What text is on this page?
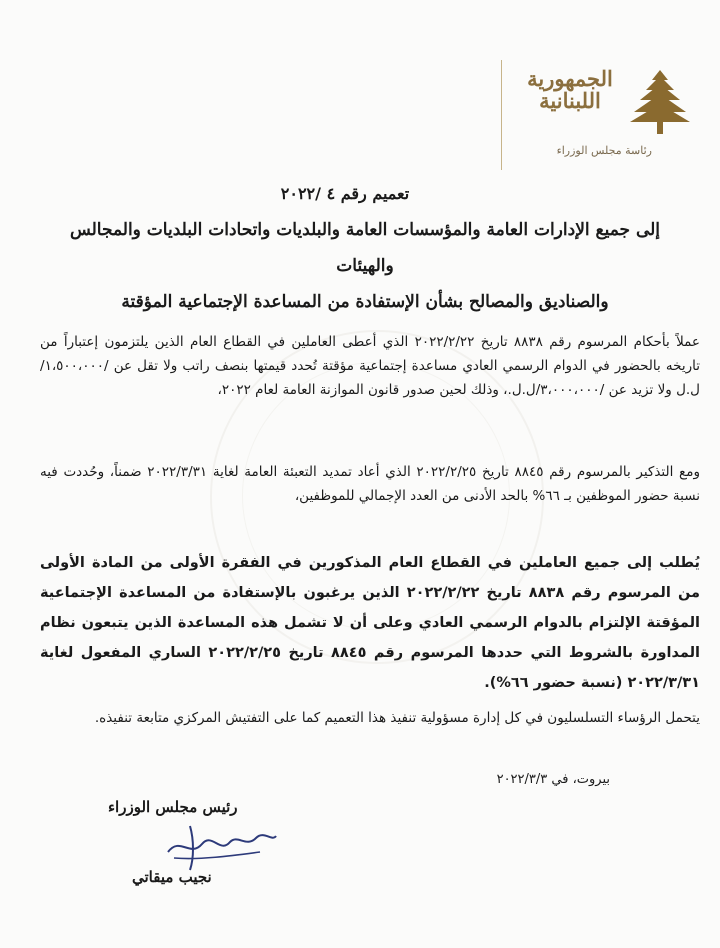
الجمهورية اللبنانية
رئاسة مجلس الوزراء
تعميم رقم ٤ /٢٠٢٢
إلى جميع الإدارات العامة والمؤسسات العامة والبلديات واتحادات البلديات والمجالس والهيئات
والصناديق والمصالح بشأن الإستفادة من المساعدة الإجتماعية المؤقتة
عملاً بأحكام المرسوم رقم ٨٨٣٨ تاريخ ٢٠٢٢/٢/٢٢ الذي أعطى العاملين في القطاع العام الذين يلتزمون إعتباراً من تاريخه بالحضور في الدوام الرسمي العادي مساعدة إجتماعية مؤقتة تُحدد قيمتها بنصف راتب ولا تقل عن /١،٥٠٠،٠٠٠/ل.ل ولا تزيد عن /٣،٠٠٠،٠٠٠/ل.ل.، وذلك لحين صدور قانون الموازنة العامة لعام ٢٠٢٢،
ومع التذكير بالمرسوم رقم ٨٨٤٥ تاريخ ٢٠٢٢/٢/٢٥ الذي أعاد تمديد التعبئة العامة لغاية ٢٠٢٢/٣/٣١ ضمناً، وحُددت فيه نسبة حضور الموظفين بـ ٦٦% بالحد الأدنى من العدد الإجمالي للموظفين،
يُطلب إلى جميع العاملين في القطاع العام المذكورين في الفقرة الأولى من المادة الأولى من المرسوم رقم ٨٨٣٨ تاريخ ٢٠٢٢/٢/٢٢ الذين يرغبون بالإستفادة من المساعدة الإجتماعية المؤقتة الإلتزام بالدوام الرسمي العادي وعلى أن لا تشمل هذه المساعدة الذين يتبعون نظام المداورة بالشروط التي حددها المرسوم رقم ٨٨٤٥ تاريخ ٢٠٢٢/٢/٢٥ الساري المفعول لغاية ٢٠٢٢/٣/٣١ (نسبة حضور ٦٦%).
يتحمل الرؤساء التسلسليون في كل إدارة مسؤولية تنفيذ هذا التعميم كما على التفتيش المركزي متابعة تنفيذه.
بيروت، في ٢٠٢٢/٣/٣
رئيس مجلس الوزراء
نجيب ميقاتي
